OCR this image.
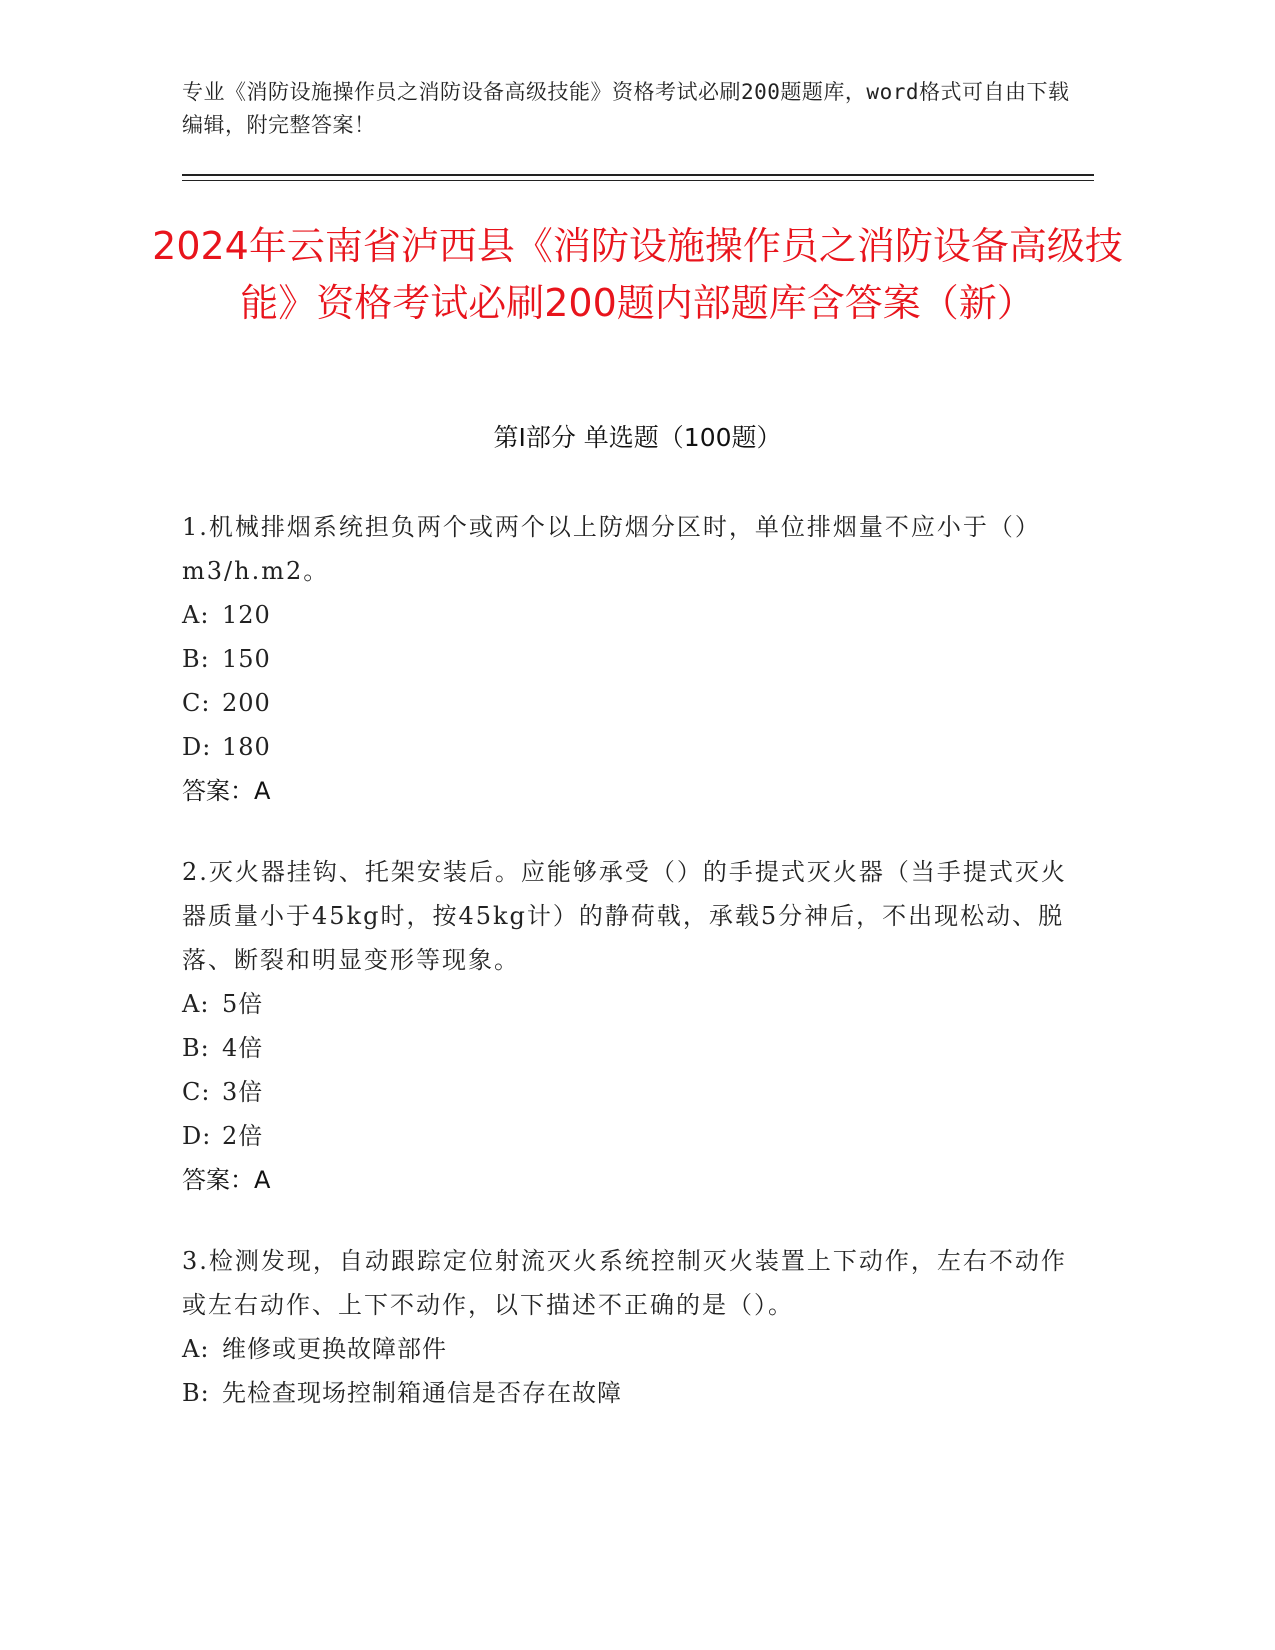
专业《消防设施操作员之消防设备高级技能》资格考试必刷200题题库，word格式可自由下载编辑，附完整答案！
2024年云南省泸西县《消防设施操作员之消防设备高级技能》资格考试必刷200题内部题库含答案（新）
第Ⅰ部分 单选题（100题）

1.机械排烟系统担负两个或两个以上防烟分区时，单位排烟量不应小于（）m3/h.m2。

A: 120
B: 150
C: 200
D: 180
答案：A

2.灭火器挂钩、托架安装后。应能够承受（）的手提式灭火器（当手提式灭火器质量小于45kg时，按45kg计）的静荷戟，承载5分神后，不出现松动、脱落、断裂和明显变形等现象。

A: 5倍
B: 4倍
C: 3倍
D: 2倍
答案：A

3.检测发现，自动跟踪定位射流灭火系统控制灭火装置上下动作，左右不动作或左右动作、上下不动作，以下描述不正确的是（）。

A: 维修或更换故障部件
B: 先检查现场控制箱通信是否存在故障
